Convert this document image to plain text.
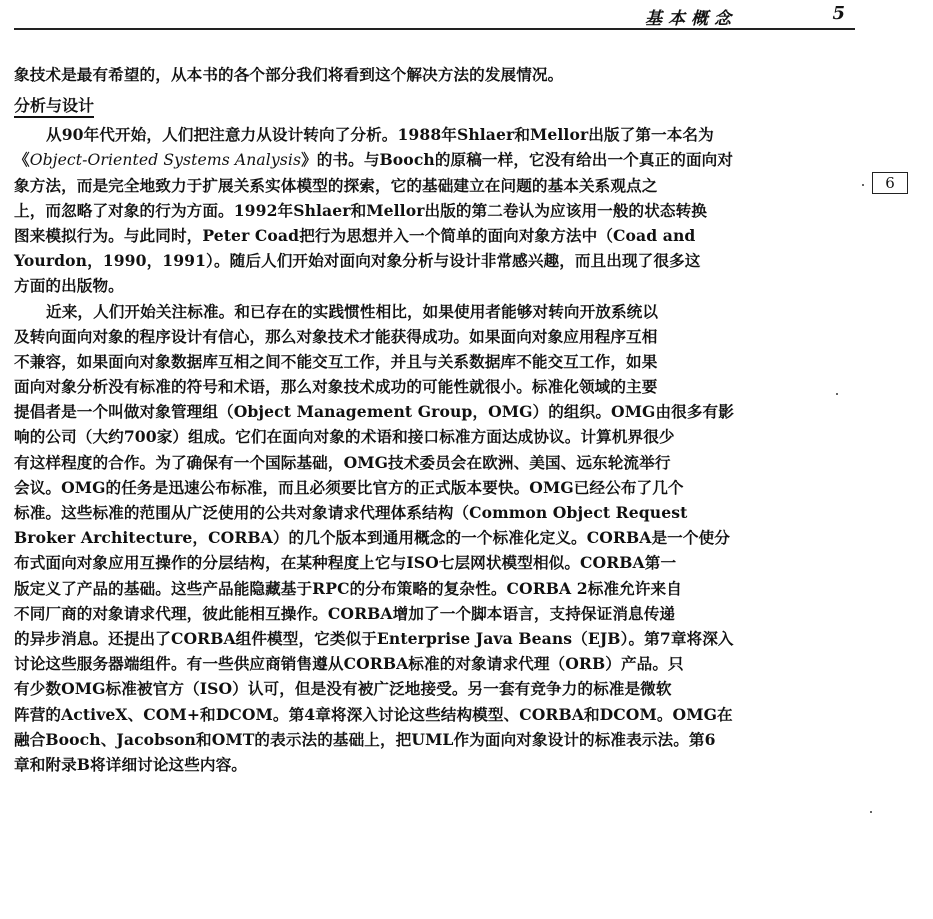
基本概念	5
6
象技术是最有希望的，从本书的各个部分我们将看到这个解决方法的发展情况。
分析与设计
从90年代开始，人们把注意力从设计转向了分析。1988年Shlaer和Mellor出版了第一本名为
《Object-Oriented Systems Analysis》的书。与Booch的原稿一样，它没有给出一个真正的面向对
象方法，而是完全地致力于扩展关系实体模型的探索，它的基础建立在问题的基本关系观点之
上，而忽略了对象的行为方面。1992年Shlaer和Mellor出版的第二卷认为应该用一般的状态转换
图来模拟行为。与此同时，Peter Coad把行为思想并入一个简单的面向对象方法中（Coad and
Yourdon，1990，1991）。随后人们开始对面向对象分析与设计非常感兴趣，而且出现了很多这
方面的出版物。
近来，人们开始关注标准。和已存在的实践惯性相比，如果使用者能够对转向开放系统以
及转向面向对象的程序设计有信心，那么对象技术才能获得成功。如果面向对象应用程序互相
不兼容，如果面向对象数据库互相之间不能交互工作，并且与关系数据库不能交互工作，如果
面向对象分析没有标准的符号和术语，那么对象技术成功的可能性就很小。标准化领域的主要
提倡者是一个叫做对象管理组（Object Management Group，OMG）的组织。OMG由很多有影
响的公司（大约700家）组成。它们在面向对象的术语和接口标准方面达成协议。计算机界很少
有这样程度的合作。为了确保有一个国际基础，OMG技术委员会在欧洲、美国、远东轮流举行
会议。OMG的任务是迅速公布标准，而且必须要比官方的正式版本要快。OMG已经公布了几个
标准。这些标准的范围从广泛使用的公共对象请求代理体系结构（Common Object Request
Broker Architecture，CORBA）的几个版本到通用概念的一个标准化定义。CORBA是一个使分
布式面向对象应用互操作的分层结构，在某种程度上它与ISO七层网状模型相似。CORBA第一
版定义了产品的基础。这些产品能隐藏基于RPC的分布策略的复杂性。CORBA 2标准允许来自
不同厂商的对象请求代理，彼此能相互操作。CORBA增加了一个脚本语言，支持保证消息传递
的异步消息。还提出了CORBA组件模型，它类似于Enterprise Java Beans（EJB）。第7章将深入
讨论这些服务器端组件。有一些供应商销售遵从CORBA标准的对象请求代理（ORB）产品。只
有少数OMG标准被官方（ISO）认可，但是没有被广泛地接受。另一套有竞争力的标准是微软
阵营的ActiveX、COM+和DCOM。第4章将深入讨论这些结构模型、CORBA和DCOM。OMG在
融合Booch、Jacobson和OMT的表示法的基础上，把UML作为面向对象设计的标准表示法。第6
章和附录B将详细讨论这些内容。
